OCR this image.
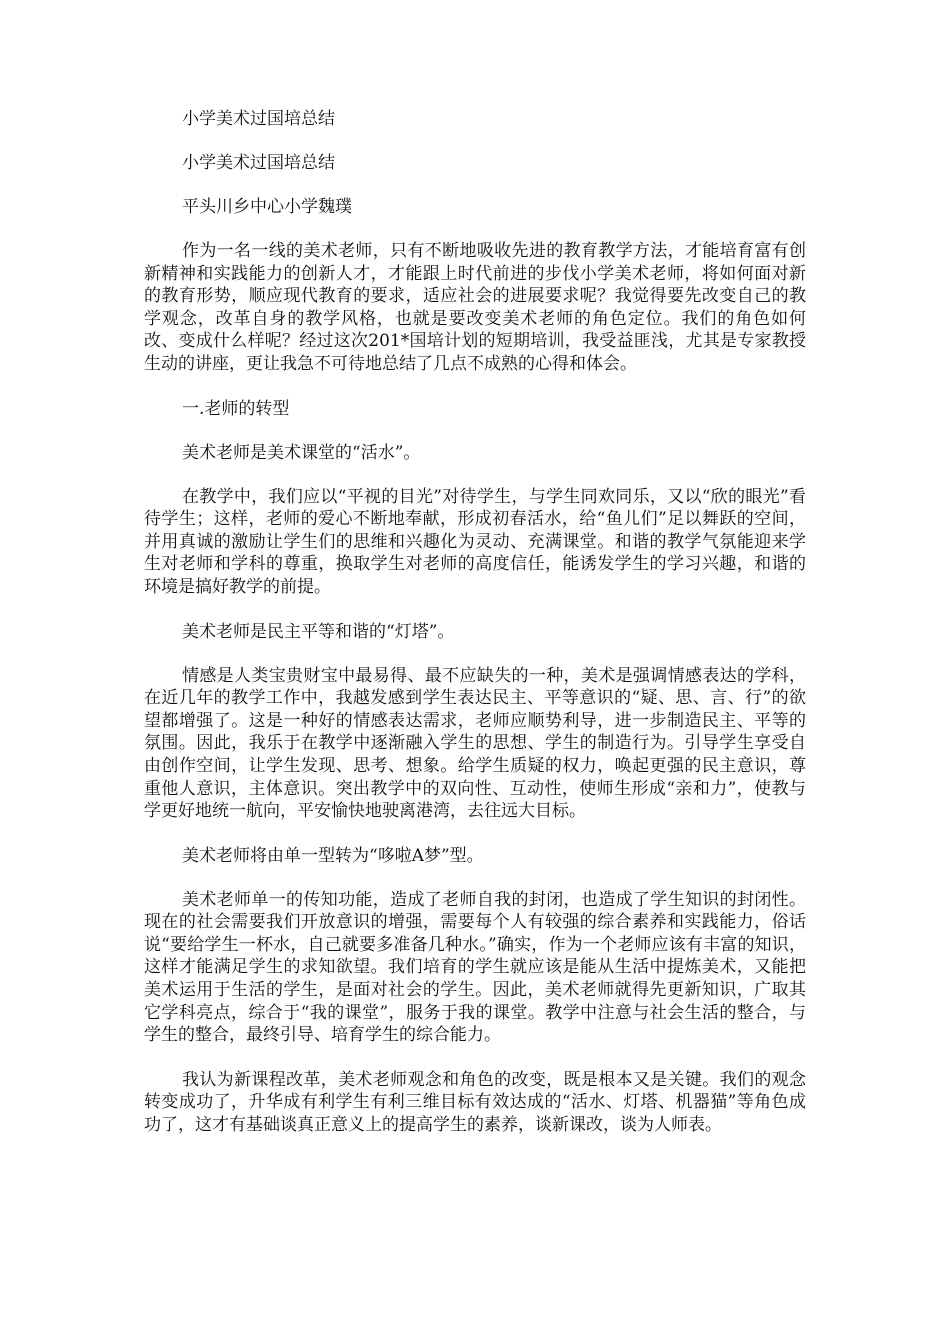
小学美术过国培总结

小学美术过国培总结

平头川乡中心小学魏璞

作为一名一线的美术老师，只有不断地吸收先进的教育教学方法，才能培育富有创新精神和实践能力的创新人才，才能跟上时代前进的步伐小学美术老师，将如何面对新的教育形势，顺应现代教育的要求，适应社会的进展要求呢？我觉得要先改变自己的教学观念，改革自身的教学风格，也就是要改变美术老师的角色定位。我们的角色如何改、变成什么样呢？经过这次201*国培计划的短期培训，我受益匪浅，尤其是专家教授生动的讲座，更让我急不可待地总结了几点不成熟的心得和体会。

一.老师的转型

美术老师是美术课堂的“活水”。

在教学中，我们应以“平视的目光”对待学生，与学生同欢同乐，又以“欣的眼光”看待学生；这样，老师的爱心不断地奉献，形成初春活水，给“鱼儿们”足以舞跃的空间，并用真诚的激励让学生们的思维和兴趣化为灵动、充满课堂。和谐的教学气氛能迎来学生对老师和学科的尊重，换取学生对老师的高度信任，能诱发学生的学习兴趣，和谐的环境是搞好教学的前提。

美术老师是民主平等和谐的“灯塔”。

情感是人类宝贵财宝中最易得、最不应缺失的一种，美术是强调情感表达的学科，在近几年的教学工作中，我越发感到学生表达民主、平等意识的“疑、思、言、行”的欲望都增强了。这是一种好的情感表达需求，老师应顺势利导，进一步制造民主、平等的氛围。因此，我乐于在教学中逐渐融入学生的思想、学生的制造行为。引导学生享受自由创作空间，让学生发现、思考、想象。给学生质疑的权力，唤起更强的民主意识，尊重他人意识，主体意识。突出教学中的双向性、互动性，使师生形成“亲和力”，使教与学更好地统一航向，平安愉快地驶离港湾，去往远大目标。

美术老师将由单一型转为“哆啦A梦”型。

美术老师单一的传知功能，造成了老师自我的封闭，也造成了学生知识的封闭性。现在的社会需要我们开放意识的增强，需要每个人有较强的综合素养和实践能力，俗话说“要给学生一杯水，自己就要多准备几种水。”确实，作为一个老师应该有丰富的知识，这样才能满足学生的求知欲望。我们培育的学生就应该是能从生活中提炼美术，又能把美术运用于生活的学生，是面对社会的学生。因此，美术老师就得先更新知识，广取其它学科亮点，综合于“我的课堂”，服务于我的课堂。教学中注意与社会生活的整合，与学生的整合，最终引导、培育学生的综合能力。

我认为新课程改革，美术老师观念和角色的改变，既是根本又是关键。我们的观念转变成功了，升华成有利学生有利三维目标有效达成的“活水、灯塔、机器猫”等角色成功了，这才有基础谈真正意义上的提高学生的素养，谈新课改，谈为人师表。
